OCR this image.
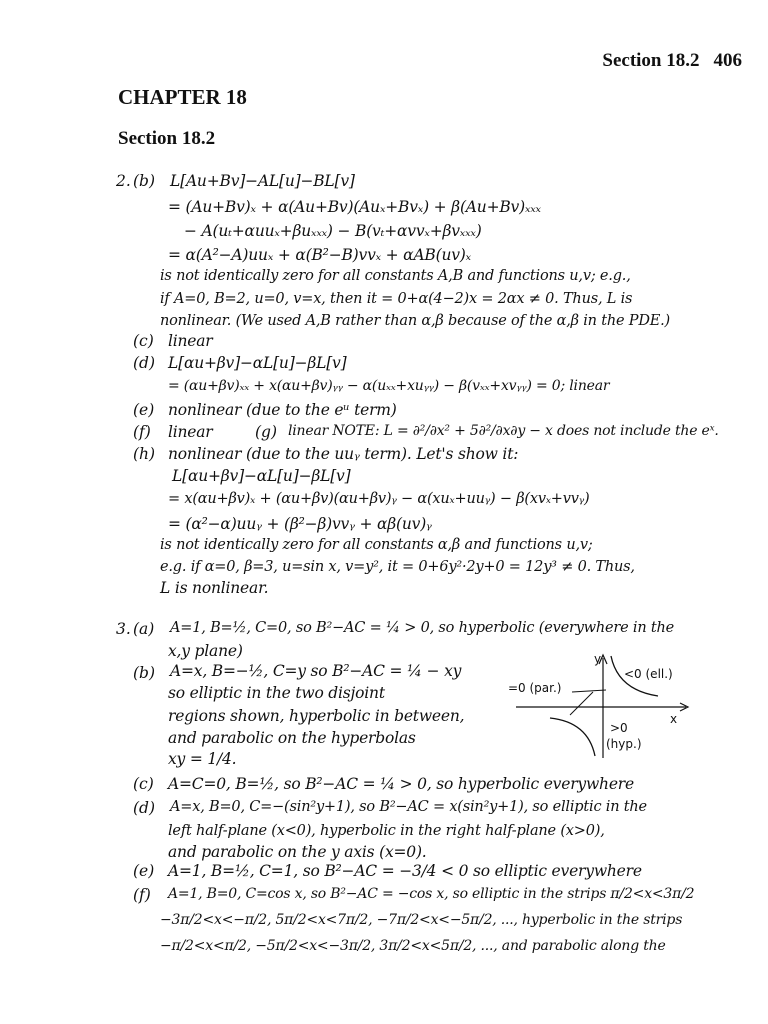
Section 18.2 406
CHAPTER 18
Section 18.2
2. (b) L[Au+Bv]−AL[u]−BL[v]
= (Au+Bv)ₓ + α(Au+Bv)(Auₓ+Bvₓ) + β(Au+Bv)ₓₓₓ
− A(uₜ+αuuₓ+βuₓₓₓ) − B(vₜ+αvvₓ+βvₓₓₓ)
= α(A²−A)uuₓ + α(B²−B)vvₓ + αAB(uv)ₓ
is not identically zero for all constants A,B and functions u,v; e.g.,
if A=0, B=2, u=0, v=x, then it = 0+α(4−2)x = 2αx ≠ 0. Thus, L is
nonlinear. (We used A,B rather than α,β because of the α,β in the PDE.)
(c) linear
(d) L[αu+βv]−αL[u]−βL[v]
= (αu+βv)ₓₓ + x(αu+βv)ᵧᵧ − α(uₓₓ+xuᵧᵧ) − β(vₓₓ+xvᵧᵧ) = 0; linear
(e) nonlinear (due to the eᵘ term)
(f) linear	(g) linear NOTE: L = ∂²/∂x² + 5∂²/∂x∂y − x does not include the eˣ.
(h) nonlinear (due to the uuᵧ term). Let's show it:
L[αu+βv]−αL[u]−βL[v]
= x(αu+βv)ₓ + (αu+βv)(αu+βv)ᵧ − α(xuₓ+uuᵧ) − β(xvₓ+vvᵧ)
= (α²−α)uuᵧ + (β²−β)vvᵧ + αβ(uv)ᵧ
is not identically zero for all constants α,β and functions u,v;
e.g. if α=0, β=3, u=sin x, v=y², it = 0+6y²·2y+0 = 12y³ ≠ 0. Thus,
L is nonlinear.
3. (a) A=1, B=½, C=0, so B²−AC = ¼ > 0, so hyperbolic (everywhere in the
x,y plane)
(b) A=x, B=−½, C=y so B²−AC = ¼ − xy
so elliptic in the two disjoint
regions shown, hyperbolic in between,
and parabolic on the hyperbolas
xy = 1/4.
y
x
<0 (ell.)
=0 (par.)
>0
(hyp.)
(c) A=C=0, B=½, so B²−AC = ¼ > 0, so hyperbolic everywhere
(d) A=x, B=0, C=−(sin²y+1), so B²−AC = x(sin²y+1), so elliptic in the
left half-plane (x<0), hyperbolic in the right half-plane (x>0),
and parabolic on the y axis (x=0).
(e) A=1, B=½, C=1, so B²−AC = −3/4 < 0 so elliptic everywhere
(f) A=1, B=0, C=cos x, so B²−AC = −cos x, so elliptic in the strips π/2<x<3π/2
−3π/2<x<−π/2, 5π/2<x<7π/2, −7π/2<x<−5π/2, ..., hyperbolic in the strips
−π/2<x<π/2, −5π/2<x<−3π/2, 3π/2<x<5π/2, ..., and parabolic along the
